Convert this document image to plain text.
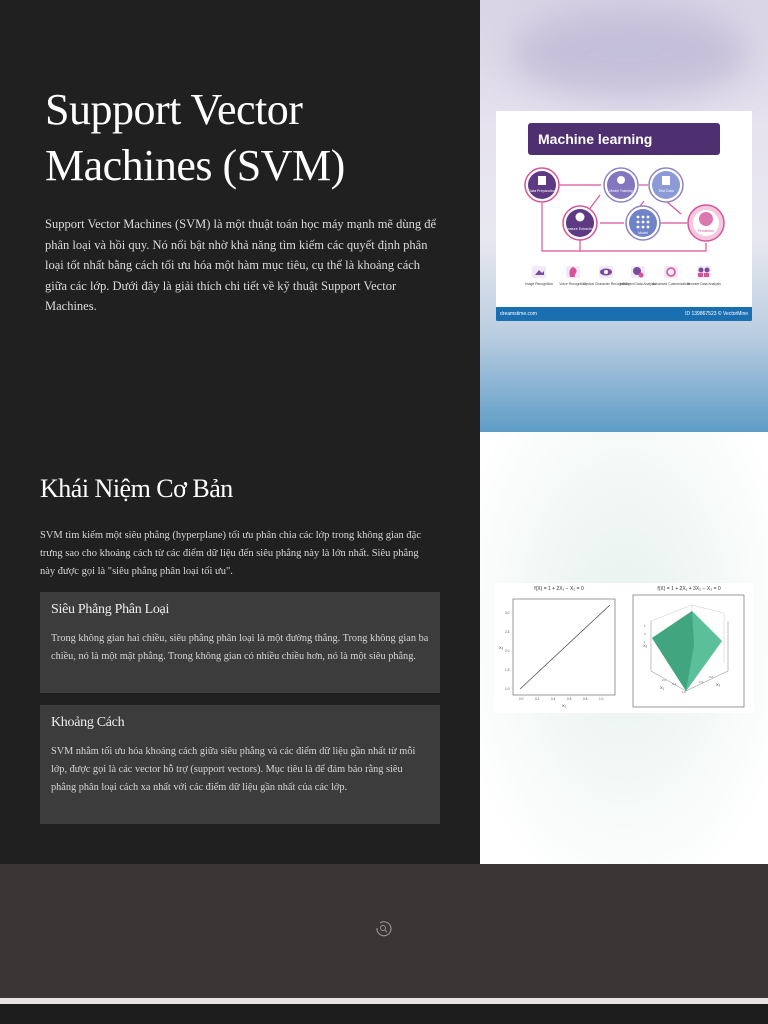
Support Vector Machines (SVM)

Support Vector Machines (SVM) là một thuật toán học máy mạnh mẽ dùng để phân loại và hồi quy. Nó nổi bật nhờ khả năng tìm kiếm các quyết định phân loại tốt nhất bằng cách tối ưu hóa một hàm mục tiêu, cụ thể là khoảng cách giữa các lớp. Dưới đây là giải thích chi tiết về kỹ thuật Support Vector Machines.

Machine learning
Data Preparation	Model Training	Test Data
Feature Extraction
Model	Prediction
Image Recognition Voice Recognition
Optical Character Recognition
Intelligent Data Analysis
Advanced Customization
Browser Data Analysis
dreamstime.com	ID 139867523 © VectorMine
Khái Niệm Cơ Bản

SVM tìm kiếm một siêu phẳng (hyperplane) tối ưu phân chia các lớp trong không gian đặc trưng sao cho khoảng cách từ các điểm dữ liệu đến siêu phẳng này là lớn nhất. Siêu phẳng này được gọi là "siêu phẳng phân loại tối ưu".

Siêu Phẳng Phân Loại

Trong không gian hai chiều, siêu phẳng phân loại là một đường thẳng. Trong không gian ba chiều, nó là một mặt phẳng. Trong không gian có nhiều chiều hơn, nó là một siêu phẳng.

Khoảng Cách

SVM nhằm tối ưu hóa khoảng cách giữa siêu phẳng và các điểm dữ liệu gần nhất từ mỗi lớp, được gọi là các vector hỗ trợ (support vectors). Mục tiêu là để đảm bảo rằng siêu phẳng phân loại cách xa nhất với các điểm dữ liệu gần nhất của các lớp.

f(X) = 1 + 2X₁ − X₂ = 0
0.0	0.2	0.4	0.6	0.8	1.0
1.0
1.5
2.0
2.5
3.0
X₁
X₂
f(X) = 1 + 2X₁ + 3X₂ − X₃ = 0
X₃
X₁
X₂
1
0
-1
0.0
0.4
1.0
0.4
0.8
